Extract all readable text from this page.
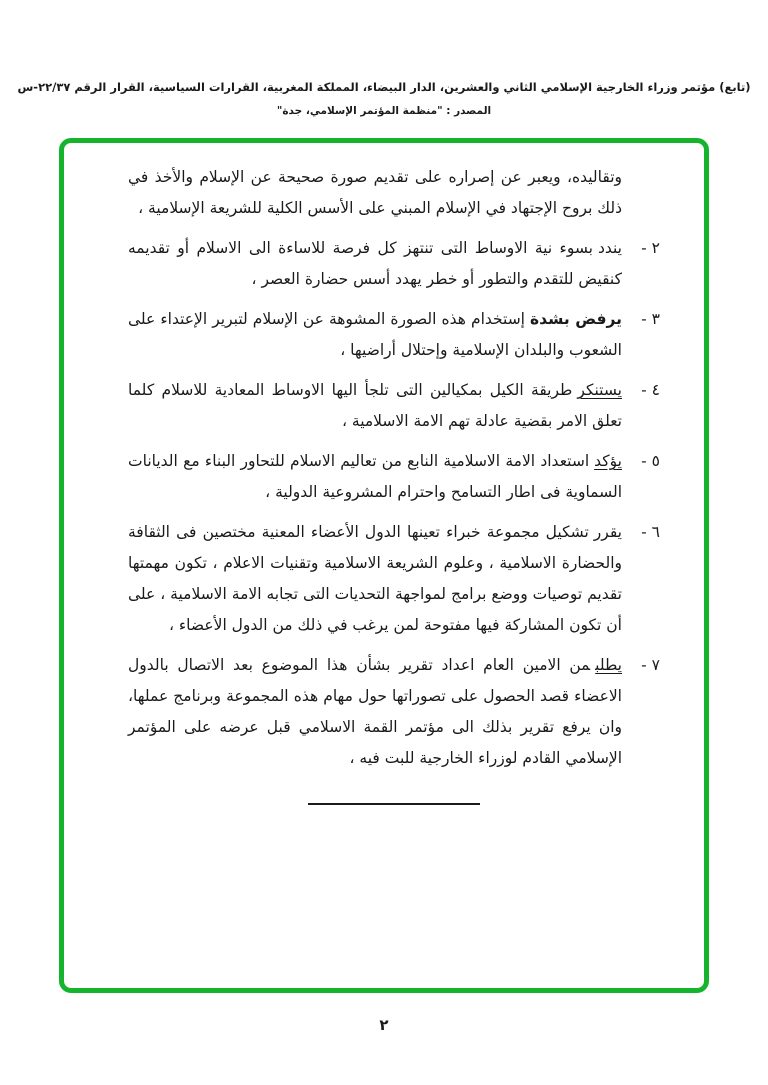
(تابع) مؤتمر وزراء الخارجية الإسلامي الثاني والعشرين، الدار البيضاء، المملكة المغربية، القرارات السياسية، القرار الرقم ٢٢/٣٧-س
المصدر : "منظمة المؤتمر الإسلامي، جدة"

وتقاليده، ويعبر عن إصراره على تقديم صورة صحيحة عن الإسلام والأخذ في ذلك بروح الإجتهاد في الإسلام المبني على الأسس الكلية للشريعة الإسلامية ،

٢ -
ينددبسوء نية الاوساط التى تنتهز كل فرصة للاساءة الى الاسلام أو تقديمه كنقيض للتقدم والتطور أو خطر يهدد أسس حضارة العصر ،
٣ -
يرفض بشدةإستخدام هذه الصورة المشوهة عن الإسلام لتبرير الإعتداء على الشعوب والبلدان الإسلامية وإحتلال أراضيها ،
٤ -
يستنكرطريقة الكيل بمكيالين التى تلجأ اليها الاوساط المعادية للاسلام كلما تعلق الامر بقضية عادلة تهم الامة الاسلامية ،
٥ -
يؤكداستعداد الامة الاسلامية النابع من تعاليم الاسلام للتحاور البناء مع الديانات السماوية فى اطار التسامح واحترام المشروعية الدولية ،
٦ -
يقررتشكيل مجموعة خبراء تعينها الدول الأعضاء المعنية مختصين فى الثقافة والحضارة الاسلامية ، وعلوم الشريعة الاسلامية وتقنيات الاعلام ، تكون مهمتها تقديم توصيات ووضع برامج لمواجهة التحديات التى تجابه الامة الاسلامية ، على أن تكون المشاركة فيها مفتوحة لمن يرغب في ذلك من الدول الأعضاء ،
٧ -
يطلبمن الامين العام اعداد تقرير بشأن هذا الموضوع بعد الاتصال بالدول الاعضاء قصد الحصول على تصوراتها حول مهام هذه المجموعة وبرنامج عملها، وان يرفع تقرير بذلك الى مؤتمر القمة الاسلامي قبل عرضه على المؤتمر الإسلامي القادم لوزراء الخارجية للبت فيه ،
٢
